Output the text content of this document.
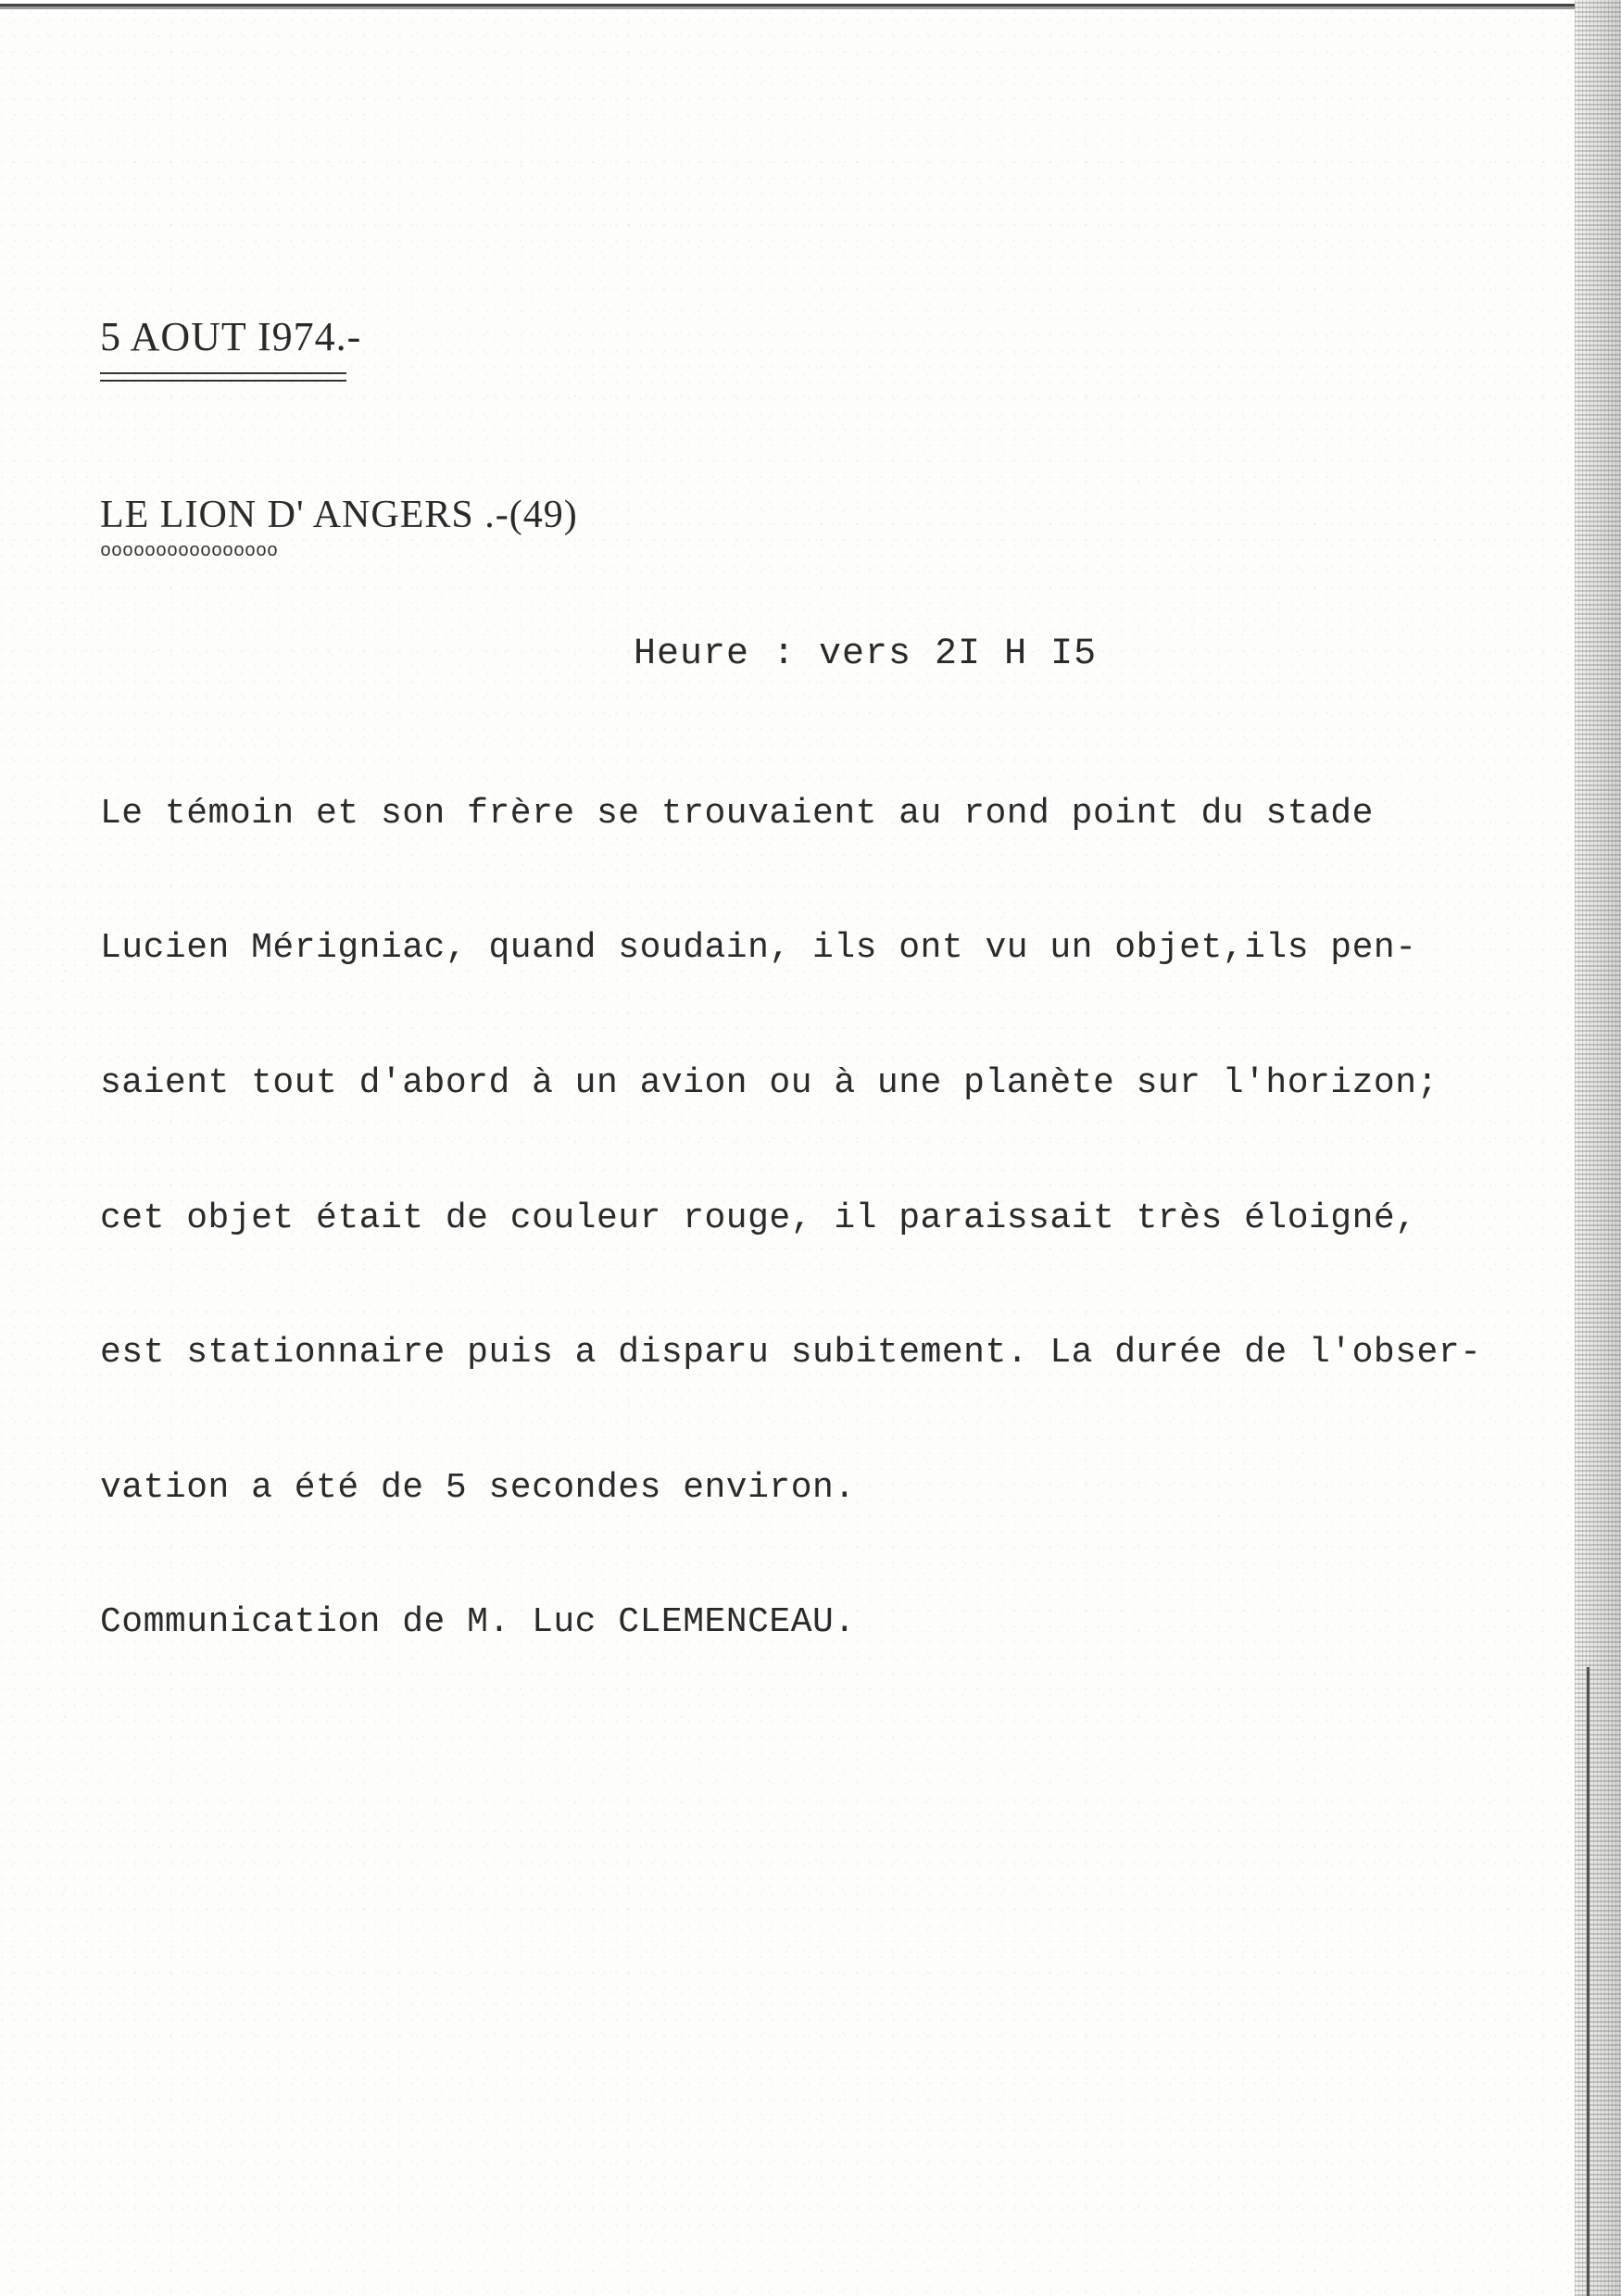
5 AOUT I974.-
LE LION D' ANGERS .-(49)
oooooooooooooooo
Heure : vers 2I H I5

Le témoin et son frère se trouvaient au rond point du stade

Lucien Mérigniac, quand soudain, ils ont vu un objet,ils pen-

saient tout d'abord à un avion ou à une planète sur l'horizon;

cet objet était de couleur rouge, il paraissait très éloigné,

est stationnaire puis a disparu subitement. La durée de l'obser-

vation a été de 5 secondes environ.

Communication de M. Luc CLEMENCEAU.
